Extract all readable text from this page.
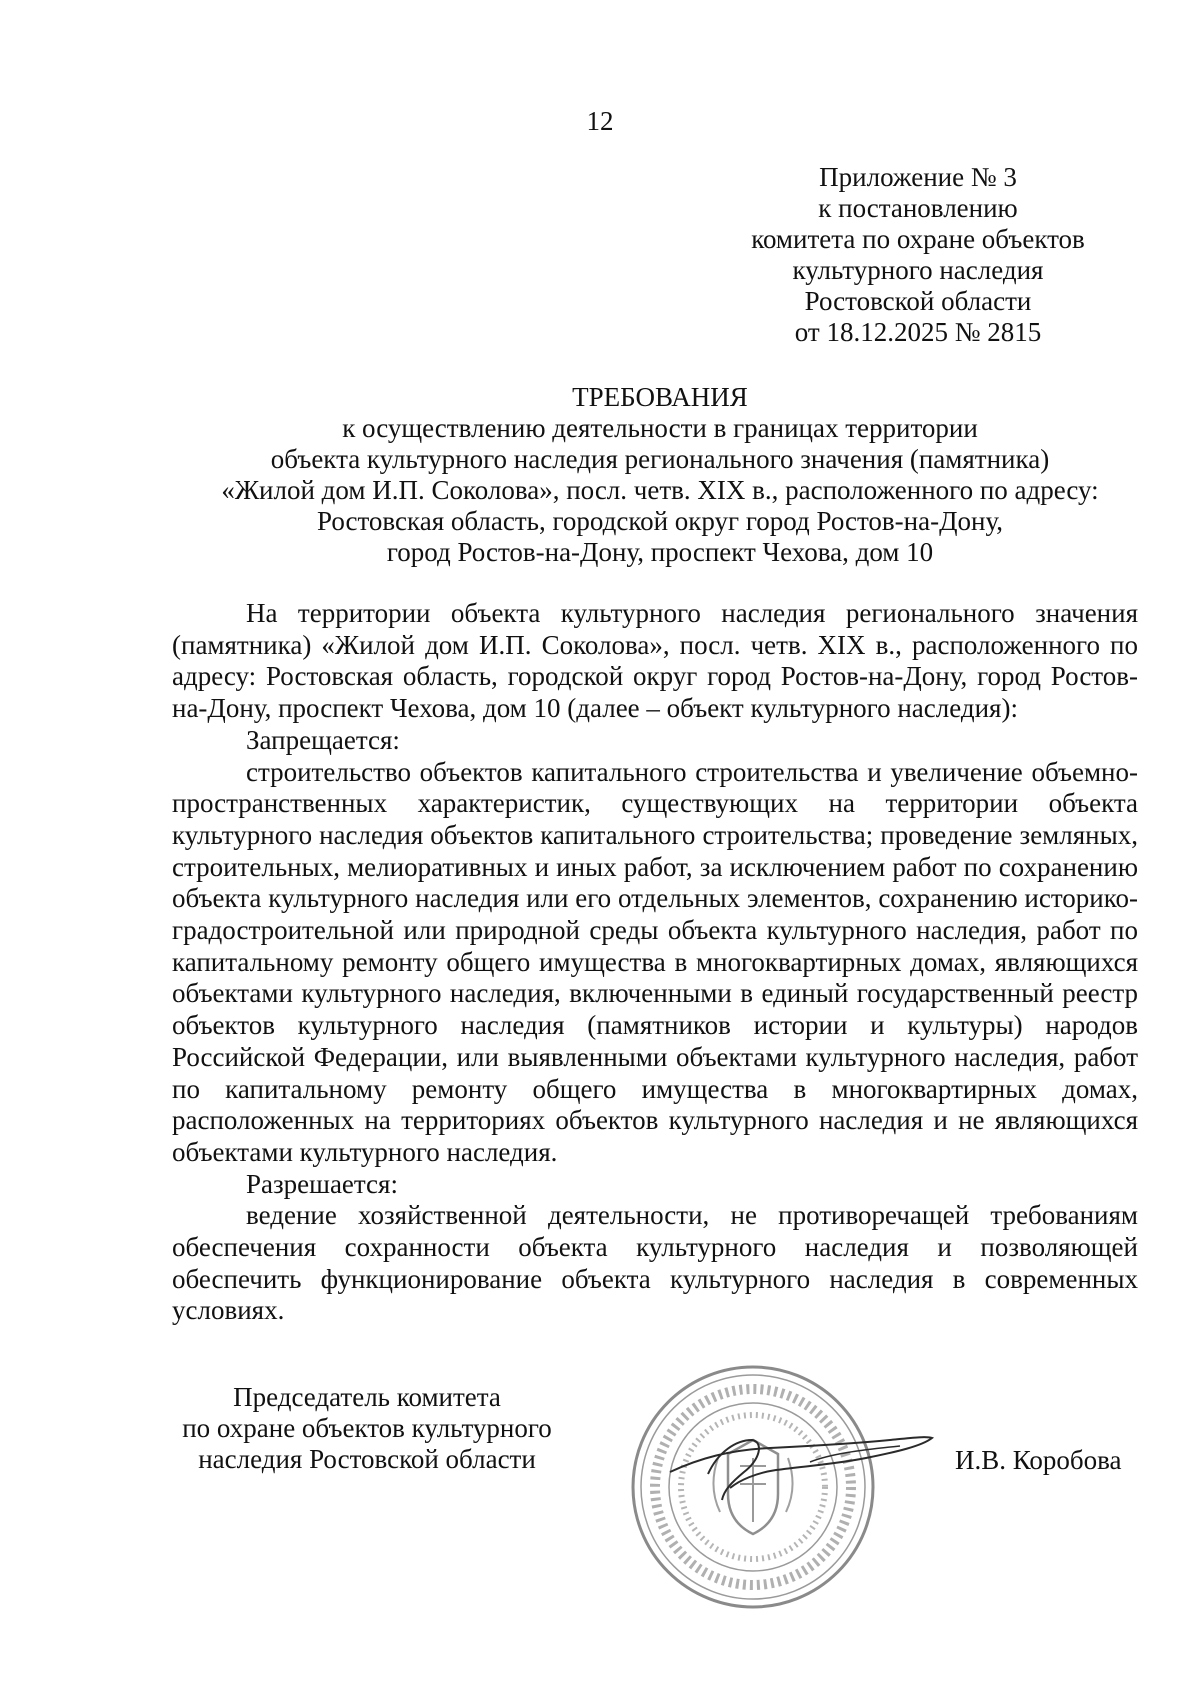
12
Приложение № 3
к постановлению
комитета по охране объектов
культурного наследия
Ростовской области
от 18.12.2025 № 2815
ТРЕБОВАНИЯ
к осуществлению деятельности в границах территории
объекта культурного наследия регионального значения (памятника)
«Жилой дом И.П. Соколова», посл. четв. XIX в., расположенного по адресу:
Ростовская область, городской округ город Ростов-на-Дону,
город Ростов-на-Дону, проспект Чехова, дом 10

На территории объекта культурного наследия регионального значения (памятника) «Жилой дом И.П. Соколова», посл. четв. XIX в., расположенного по адресу: Ростовская область, городской округ город Ростов-на-Дону, город Ростов-на-Дону, проспект Чехова, дом 10 (далее – объект культурного наследия):

Запрещается:

строительство объектов капитального строительства и увеличение объемно-пространственных характеристик, существующих на территории объекта культурного наследия объектов капитального строительства; проведение земляных, строительных, мелиоративных и иных работ, за исключением работ по сохранению объекта культурного наследия или его отдельных элементов, сохранению историко-градостроительной или природной среды объекта культурного наследия, работ по капитальному ремонту общего имущества в многоквартирных домах, являющихся объектами культурного наследия, включенными в единый государственный реестр объектов культурного наследия (памятников истории и культуры) народов Российской Федерации, или выявленными объектами культурного наследия, работ по капитальному ремонту общего имущества в многоквартирных домах, расположенных на территориях объектов культурного наследия и не являющихся объектами культурного наследия.

Разрешается:

ведение хозяйственной деятельности, не противоречащей требованиям обеспечения сохранности объекта культурного наследия и позволяющей обеспечить функционирование объекта культурного наследия в современных условиях.

Председатель комитета
по охране объектов культурного
наследия Ростовской области	И.В. Коробова
